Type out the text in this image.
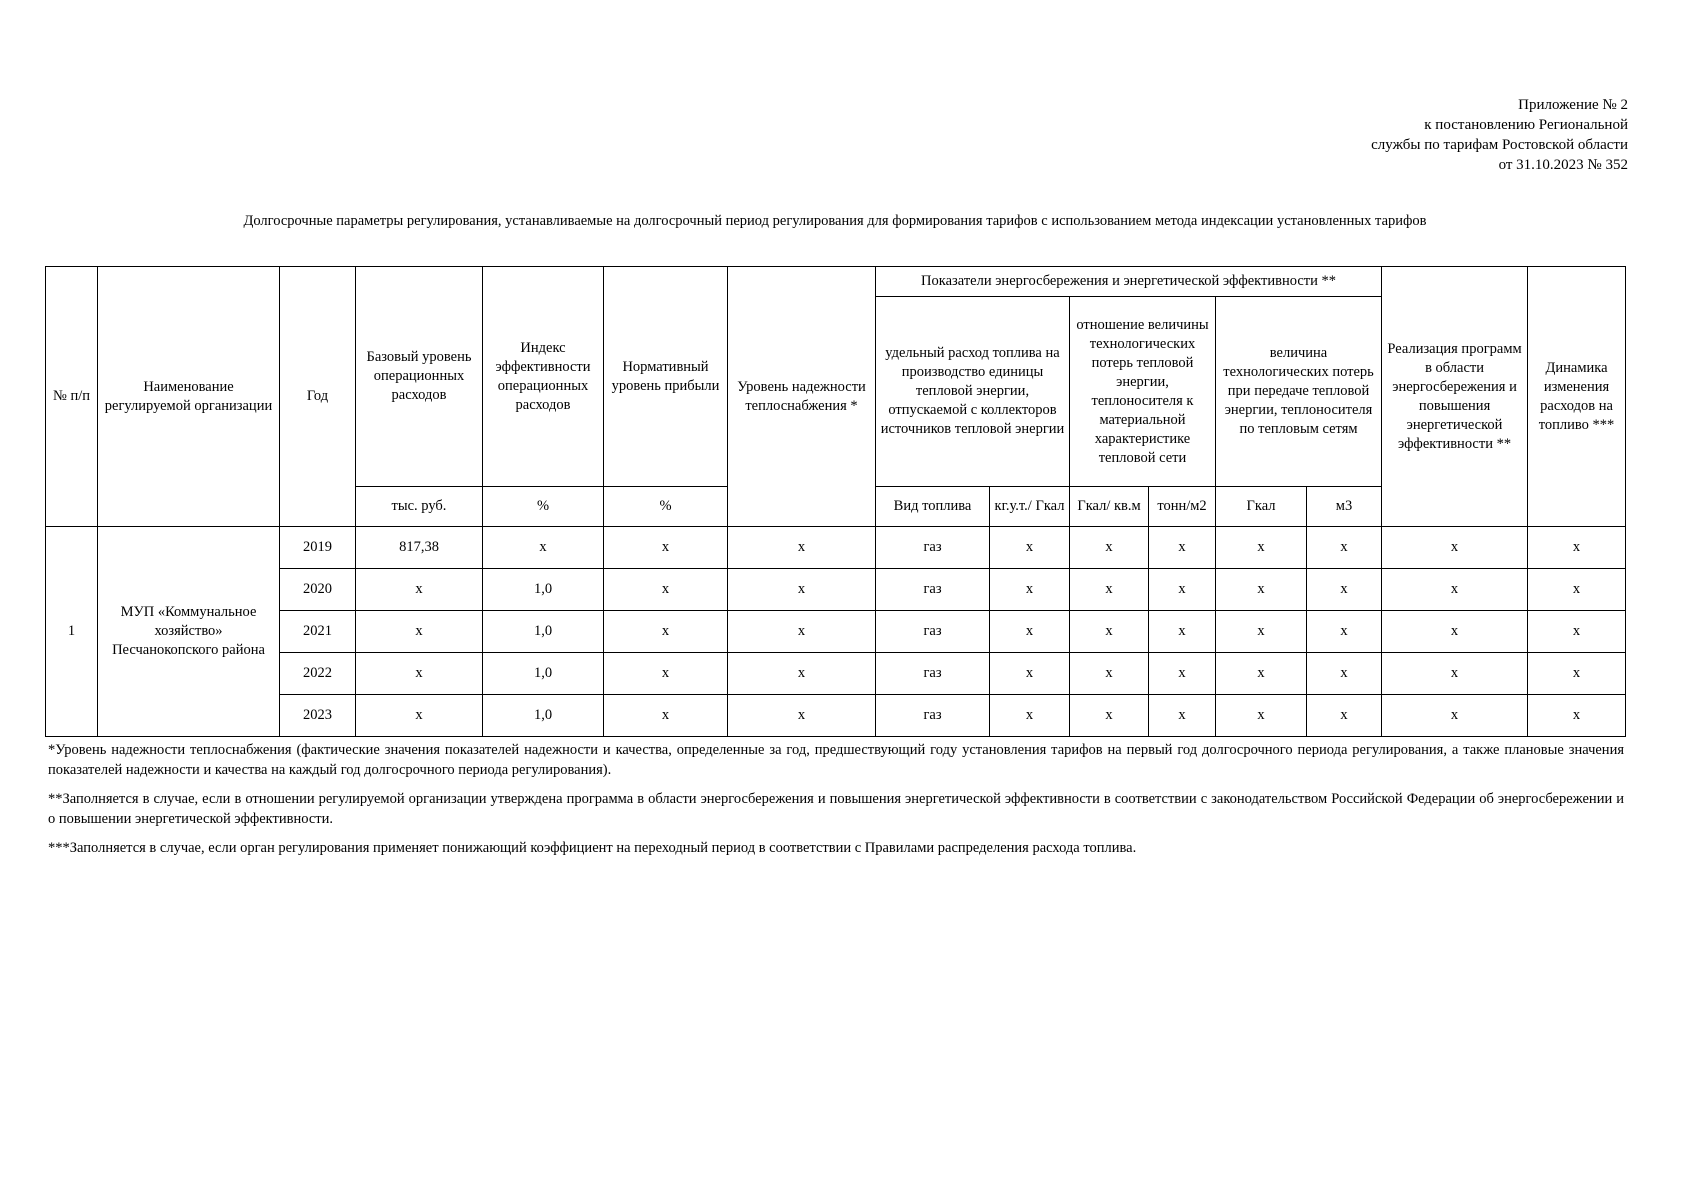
Приложение № 2
к постановлению Региональной
службы по тарифам Ростовской области
от 31.10.2023 № 352
Долгосрочные параметры регулирования, устанавливаемые на долгосрочный период регулирования для формирования тарифов с использованием метода индексации установленных тарифов
№ п/п	Наименование регулируемой организации	Год	Базовый уровень операционных расходов	Индекс эффективности операционных расходов	Нормативный уровень прибыли	Уровень надежности теплоснабжения *	Показатели энергосбережения и энергетической эффективности **						Реализация программ в области энергосбережения и повышения энергетической эффективности **	Динамика изменения расходов на топливо ***
							удельный расход топлива на производство единицы тепловой энергии, отпускаемой с коллекторов источников тепловой энергии		отношение величины технологических потерь тепловой энергии, теплоносителя к материальной характеристике тепловой сети		величина технологических потерь при передаче тепловой энергии, теплоносителя по тепловым сетям			
			тыс. руб.	%	%		Вид топлива	кг.у.т./ Гкал	Гкал/ кв.м	тонн/м2	Гкал	м3		
1	МУП «Коммунальное хозяйство» Песчанокопского района	2019	817,38	х	х	х	газ	х	х	х	х	х	х	х
		2020	х	1,0	х	х	газ	х	х	х	х	х	х	х
		2021	х	1,0	х	х	газ	х	х	х	х	х	х	х
		2022	х	1,0	х	х	газ	х	х	х	х	х	х	х
		2023	х	1,0	х	х	газ	х	х	х	х	х	х	х

*Уровень надежности теплоснабжения (фактические значения показателей надежности и качества, определенные за год, предшествующий году установления тарифов на первый год долгосрочного периода регулирования, а также плановые значения показателей надежности и качества на каждый год долгосрочного периода регулирования).

**Заполняется в случае, если в отношении регулируемой организации утверждена программа в области энергосбережения и повышения энергетической эффективности в соответствии с законодательством Российской Федерации об энергосбережении и о повышении энергетической эффективности.

***Заполняется в случае, если орган регулирования применяет понижающий коэффициент на переходный период в соответствии с Правилами распределения расхода топлива.
